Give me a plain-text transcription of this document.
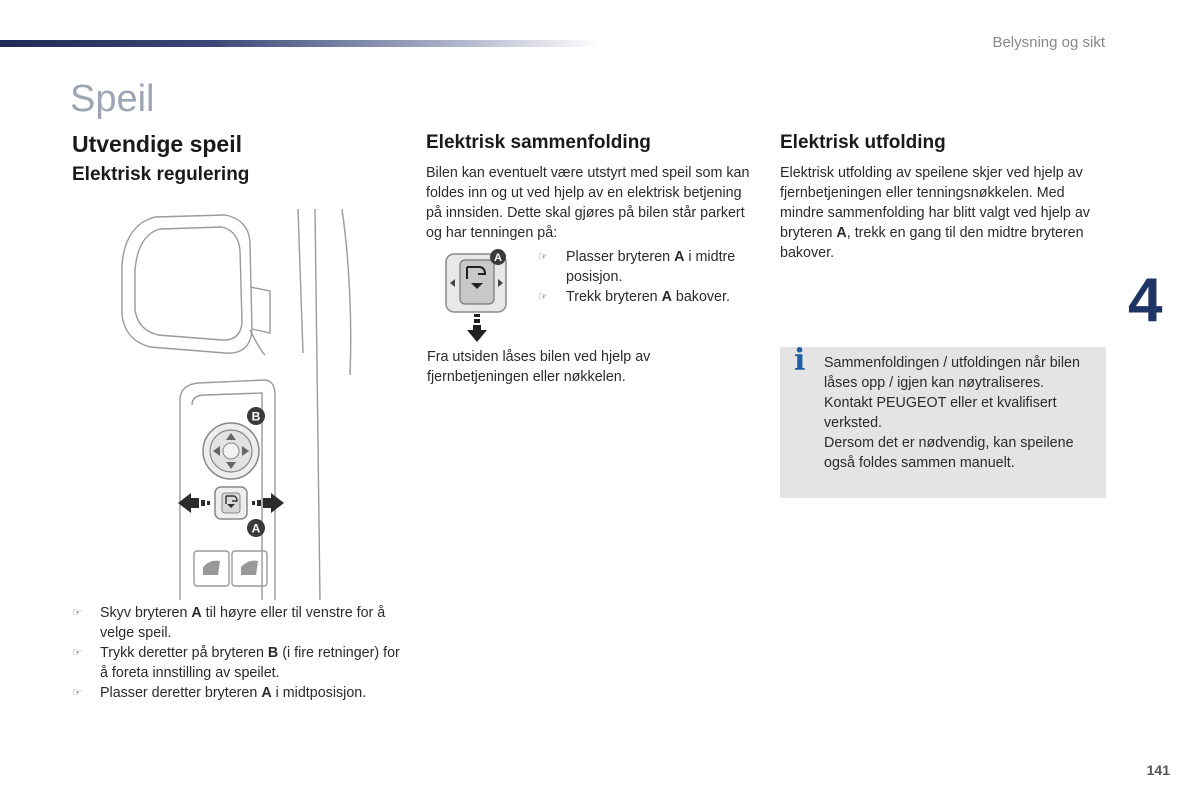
Belysning og sikt
Speil
Utvendige speil
Elektrisk regulering
B
A
☞ Skyv bryteren A til høyre eller til venstre for å velge speil.
☞ Trykk deretter på bryteren B (i fire retninger) for å foreta innstilling av speilet.
☞ Plasser deretter bryteren A i midtposisjon.
Elektrisk sammenfolding

Bilen kan eventuelt være utstyrt med speil som kan foldes inn og ut ved hjelp av en elektrisk betjening på innsiden. Dette skal gjøres på bilen står parkert og har tenningen på:

A	☞ Plasser bryteren A i midtre posisjon.
☞ Trekk bryteren A bakover.

Fra utsiden låses bilen ved hjelp av fjernbetjeningen eller nøkkelen.

Elektrisk utfolding

Elektrisk utfolding av speilene skjer ved hjelp av fjernbetjeningen eller tenningsnøkkelen. Med mindre sammenfolding har blitt valgt ved hjelp av bryteren A, trekk en gang til den midtre bryteren bakover.

i Sammenfoldingen / utfoldingen når bilen låses opp / igjen kan nøytraliseres. Kontakt PEUGEOT eller et kvalifisert verksted.

Dersom det er nødvendig, kan speilene også foldes sammen manuelt.

4
141
